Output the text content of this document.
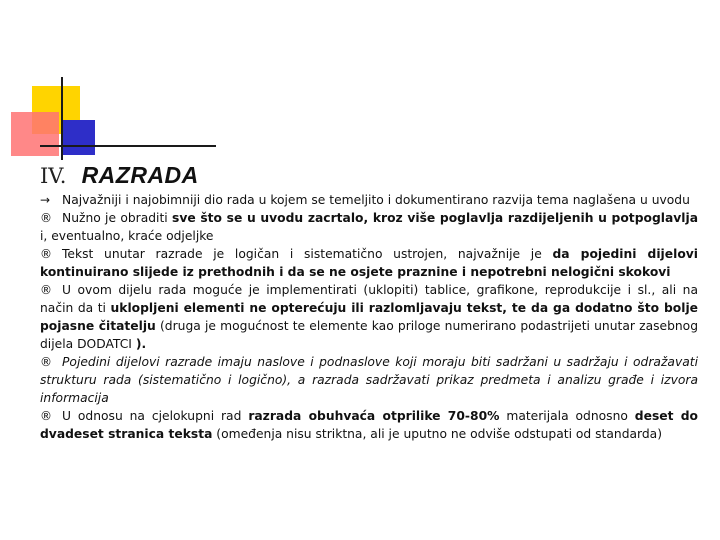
IV. RAZRADA

→ Najvažniji i najobimniji dio rada u kojem se temeljito i dokumentirano razvija tema naglašena u uvodu

® Nužno je obraditi sve što se u uvodu zacrtalo, kroz više poglavlja razdijeljenih u potpoglavlja i, eventualno, kraće odjeljke

® Tekst unutar razrade je logičan i sistematično ustrojen, najvažnije je da pojedini dijelovi kontinuirano slijede iz prethodnih i da se ne osjete praznine i nepotrebni nelogični skokovi

® U ovom dijelu rada moguće je implementirati (uklopiti) tablice, grafikone, reprodukcije i sl., ali na način da ti uklopljeni elementi ne opterećuju ili razlomljavaju tekst, te da ga dodatno što bolje pojasne čitatelju (druga je mogućnost te elemente kao priloge numerirano podastrijeti unutar zasebnog dijela DODATCI ).

® Pojedini dijelovi razrade imaju naslove i podnaslove koji moraju biti sadržani u sadržaju i odražavati strukturu rada (sistematično i logično), a razrada sadržavati prikaz predmeta i analizu građe i izvora informacija

® U odnosu na cjelokupni rad razrada obuhvaća otprilike 70-80% materijala odnosno deset do dvadeset stranica teksta (omeđenja nisu striktna, ali je uputno ne odviše odstupati od standarda)
